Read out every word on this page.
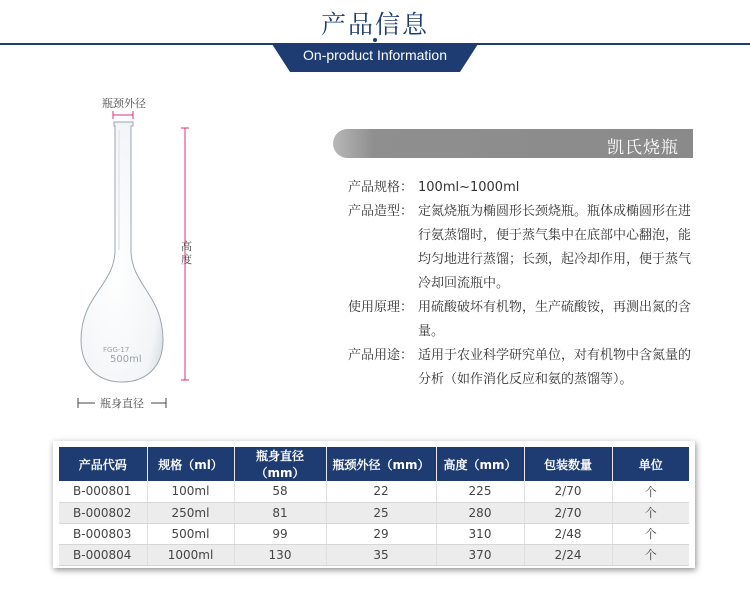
产品信息
On-product Information
FGG-17
500ml
瓶颈外径
瓶身直径
高度
凯氏烧瓶
产品规格： 100ml~1000ml
产品造型： 定氮烧瓶为椭圆形长颈烧瓶。瓶体成椭圆形在进行氨蒸馏时，便于蒸气集中在底部中心翻泡，能均匀地进行蒸馏；长颈，起冷却作用，便于蒸气冷却回流瓶中。
使用原理： 用硫酸破坏有机物，生产硫酸铵，再测出氮的含量。
产品用途： 适用于农业科学研究单位，对有机物中含氮量的分析（如作消化反应和氨的蒸馏等）。
产品代码	规格（ml）	瓶身直径（mm）	瓶颈外径（mm）	高度（mm）	包装数量	单位
B-000801	100ml	58	22	225	2/70	个
B-000802	250ml	81	25	280	2/70	个
B-000803	500ml	99	29	310	2/48	个
B-000804	1000ml	130	35	370	2/24	个
